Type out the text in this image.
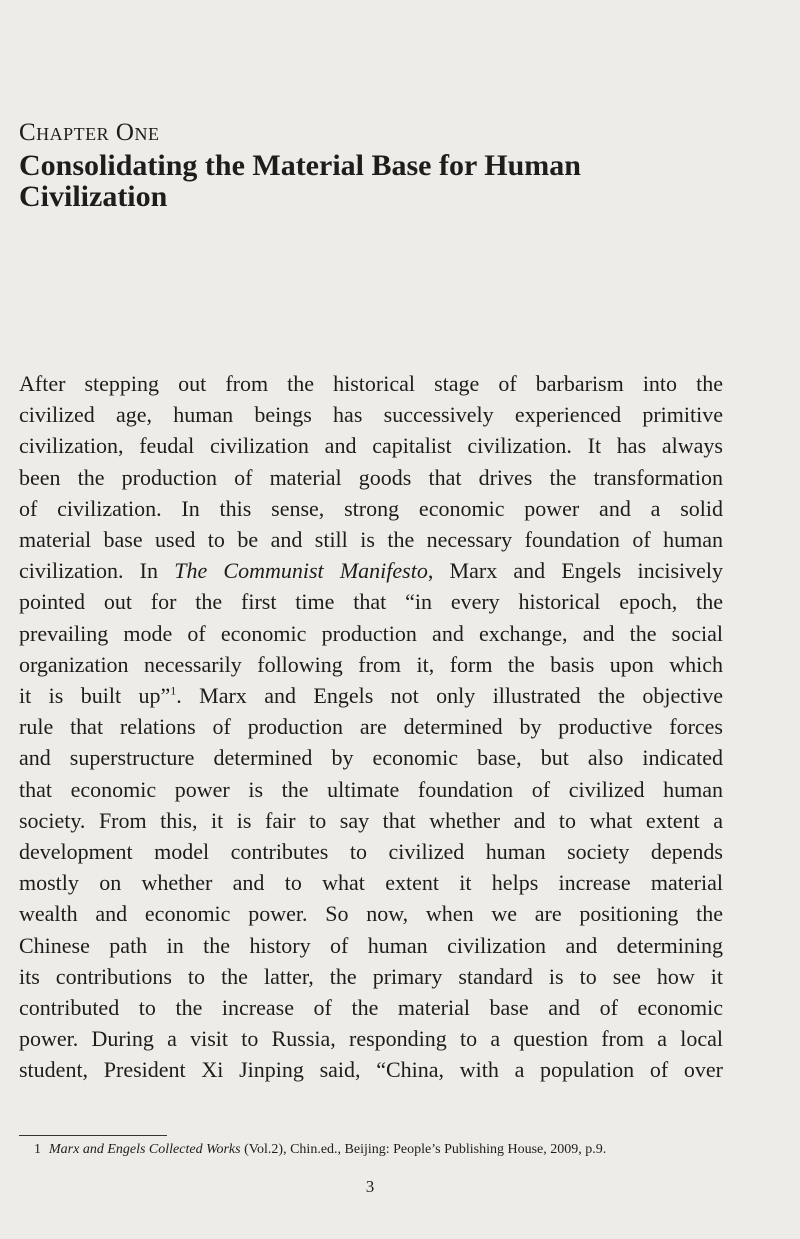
Chapter One
Consolidating the Material Base for Human
Civilization
After stepping out from the historical stage of barbarism into the
civilized age, human beings has successively experienced primitive
civilization, feudal civilization and capitalist civilization. It has always
been the production of material goods that drives the transformation
of civilization. In this sense, strong economic power and a solid
material base used to be and still is the necessary foundation of human
civilization. In The Communist Manifesto, Marx and Engels incisively
pointed out for the first time that “in every historical epoch, the
prevailing mode of economic production and exchange, and the social
organization necessarily following from it, form the basis upon which
it is built up”$^1$. Marx and Engels not only illustrated the objective
rule that relations of production are determined by productive forces
and superstructure determined by economic base, but also indicated
that economic power is the ultimate foundation of civilized human
society. From this, it is fair to say that whether and to what extent a
development model contributes to civilized human society depends
mostly on whether and to what extent it helps increase material
wealth and economic power. So now, when we are positioning the
Chinese path in the history of human civilization and determining
its contributions to the latter, the primary standard is to see how it
contributed to the increase of the material base and of economic
power. During a visit to Russia, responding to a question from a local
student, President Xi Jinping said, “China, with a population of over
1 Marx and Engels Collected Works (Vol.2), Chin.ed., Beijing: People’s Publishing House, 2009, p.9.
3
